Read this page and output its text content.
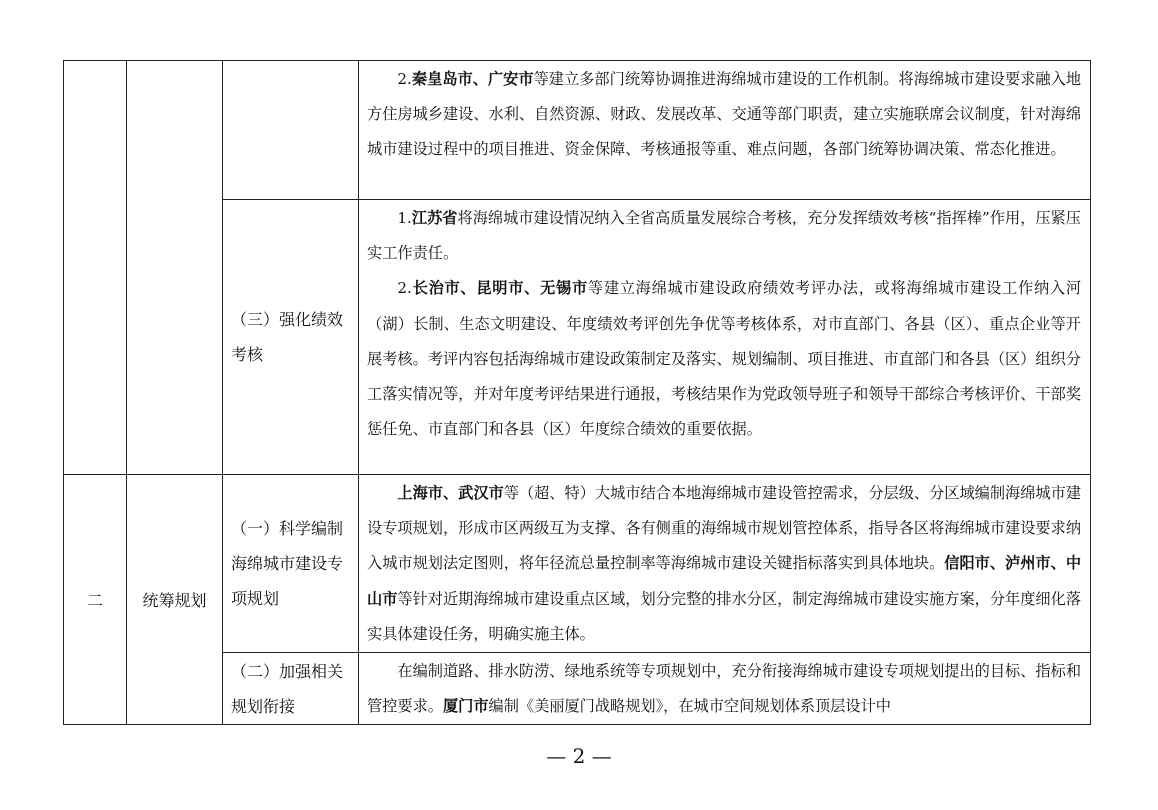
			2.秦皇岛市、广安市等建立多部门统筹协调推进海绵城市建设的工作机制。将海绵城市建设要求融入地方住房城乡建设、水利、自然资源、财政、发展改革、交通等部门职责，建立实施联席会议制度，针对海绵城市建设过程中的项目推进、资金保障、考核通报等重、难点问题，各部门统筹协调决策、常态化推进。

		（三）强化绩效考核	1.江苏省将海绵城市建设情况纳入全省高质量发展综合考核，充分发挥绩效考核“指挥棒”作用，压紧压实工作责任。

2.长治市、昆明市、无锡市等建立海绵城市建设政府绩效考评办法，或将海绵城市建设工作纳入河（湖）长制、生态文明建设、年度绩效考评创先争优等考核体系，对市直部门、各县（区）、重点企业等开展考核。考评内容包括海绵城市建设政策制定及落实、规划编制、项目推进、市直部门和各县（区）组织分工落实情况等，并对年度考评结果进行通报，考核结果作为党政领导班子和领导干部综合考核评价、干部奖惩任免、市直部门和各县（区）年度综合绩效的重要依据。

二	统筹规划	（一）科学编制海绵城市建设专项规划	上海市、武汉市等（超、特）大城市结合本地海绵城市建设管控需求，分层级、分区域编制海绵城市建设专项规划，形成市区两级互为支撑、各有侧重的海绵城市规划管控体系，指导各区将海绵城市建设要求纳入城市规划法定图则，将年径流总量控制率等海绵城市建设关键指标落实到具体地块。信阳市、泸州市、中山市等针对近期海绵城市建设重点区域，划分完整的排水分区，制定海绵城市建设实施方案，分年度细化落实具体建设任务，明确实施主体。

		（二）加强相关规划衔接	在编制道路、排水防涝、绿地系统等专项规划中，充分衔接海绵城市建设专项规划提出的目标、指标和管控要求。厦门市编制《美丽厦门战略规划》，在城市空间规划体系顶层设计中

— 2 —
